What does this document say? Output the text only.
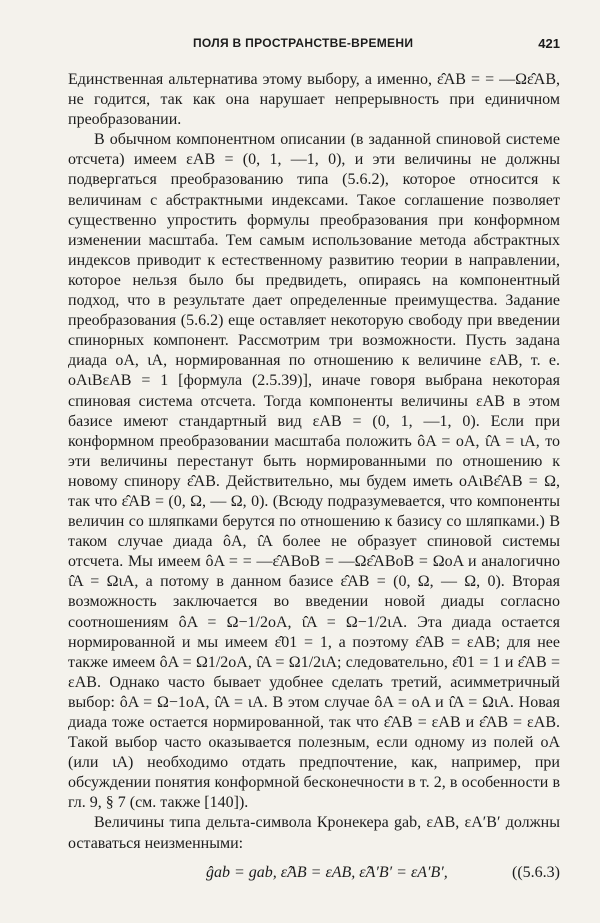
ПОЛЯ В ПРОСТРАНСТВЕ-ВРЕМЕНИ	421

Единственная альтернатива этому выбору, а именно, ε̂AB = = —Ωε̂AB, не годится, так как она нарушает непрерывность при единичном преобразовании.

В обычном компонентном описании (в заданной спиновой системе отсчета) имеем εAB = (0, 1, —1, 0), и эти величины не должны подвергаться преобразованию типа (5.6.2), которое относится к величинам с абстрактными индексами. Такое соглашение позволяет существенно упростить формулы преобразования при конформном изменении масштаба. Тем самым использование метода абстрактных индексов приводит к естественному развитию теории в направлении, которое нельзя было бы предвидеть, опираясь на компонентный подход, что в результате дает определенные преимущества. Задание преобразования (5.6.2) еще оставляет некоторую свободу при введении спинорных компонент. Рассмотрим три возможности. Пусть задана диада oA, ιA, нормированная по отношению к величине εAB, т. е. oAιBεAB = 1 [формула (2.5.39)], иначе говоря выбрана некоторая спиновая система отсчета. Тогда компоненты величины εAB в этом базисе имеют стандартный вид εAB = (0, 1, —1, 0). Если при конформном преобразовании масштаба положить ôA = oA, ι̂A = ιA, то эти величины перестанут быть нормированными по отношению к новому спинору ε̂AB. Действительно, мы будем иметь oAιBε̂AB = Ω, так что ε̂AB = (0, Ω, — Ω, 0). (Всюду подразумевается, что компоненты величин со шляпками берутся по отношению к базису со шляпками.) В таком случае диада ôA, ι̂A более не образует спиновой системы отсчета. Мы имеем ôA = = —ε̂ABoB = —Ωε̂ABoB = ΩoA и аналогично ι̂A = ΩιA, а потому в данном базисе ε̂AB = (0, Ω, — Ω, 0). Вторая возможность заключается во введении новой диады согласно соотношениям ôA = Ω−1/2oA, ι̂A = Ω−1/2ιA. Эта диада остается нормированной и мы имеем ε̂01 = 1, а поэтому ε̂AB = εAB; для нее также имеем ôA = Ω1/2oA, ι̂A = Ω1/2ιA; следовательно, ε̂01 = 1 и ε̂AB = εAB. Однако часто бывает удобнее сделать третий, асимметричный выбор: ôA = Ω−1oA, ι̂A = ιA. В этом случае ôA = oA и ι̂A = ΩιA. Новая диада тоже остается нормированной, так что ε̂AB = εAB и ε̂AB = εAB. Такой выбор часто оказывается полезным, если одному из полей oA (или ιA) необходимо отдать предпочтение, как, например, при обсуждении понятия конформной бесконечности в т. 2, в особенности в гл. 9, § 7 (см. также [140]).

Величины типа дельта-символа Кронекера gab, εAB, εA′B′ должны оставаться неизменными:

ĝab = gab, ε̂AB = εAB, ε̂A′B′ = εA′B′,	((5.6.3)
